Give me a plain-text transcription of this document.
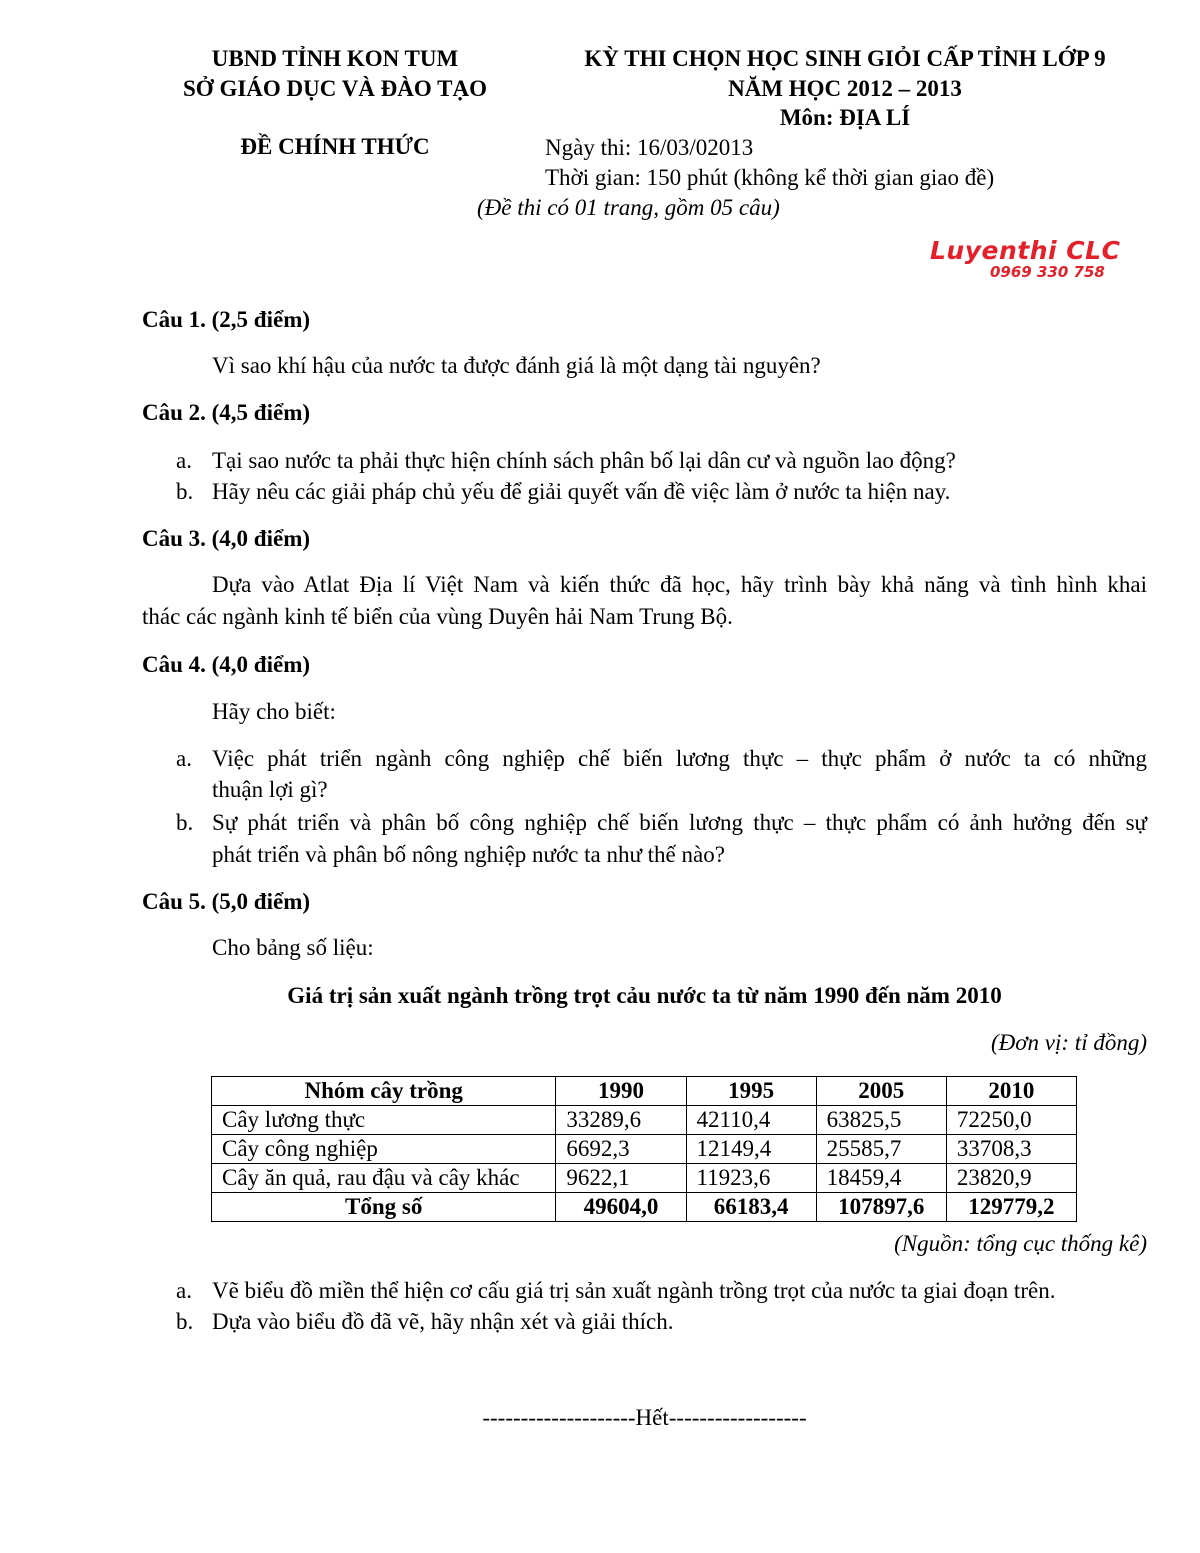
UBND TỈNH KON TUM
SỞ GIÁO DỤC VÀ ĐÀO TẠO
ĐỀ CHÍNH THỨC
KỲ THI CHỌN HỌC SINH GIỎI CẤP TỈNH LỚP 9
NĂM HỌC 2012 – 2013
Môn: ĐỊA LÍ
Ngày thi: 16/03/02013
Thời gian: 150 phút (không kể thời gian giao đề)
(Đề thi có 01 trang, gồm 05 câu)
Luyenthi CLC
0969 330 758
Câu 1. (2,5 điểm)
Vì sao khí hậu của nước ta được đánh giá là một dạng tài nguyên?
Câu 2. (4,5 điểm)
a. Tại sao nước ta phải thực hiện chính sách phân bố lại dân cư và nguồn lao động?
b. Hãy nêu các giải pháp chủ yếu để giải quyết vấn đề việc làm ở nước ta hiện nay.
Câu 3. (4,0 điểm)
Dựa vào Atlat Địa lí Việt Nam và kiến thức đã học, hãy trình bày khả năng và tình hình khai
thác các ngành kinh tế biển của vùng Duyên hải Nam Trung Bộ.
Câu 4. (4,0 điểm)
Hãy cho biết:
a. Việc phát triển ngành công nghiệp chế biến lương thực – thực phẩm ở nước ta có những
thuận lợi gì?
b. Sự phát triển và phân bố công nghiệp chế biến lương thực – thực phẩm có ảnh hưởng đến sự
phát triển và phân bố nông nghiệp nước ta như thế nào?
Câu 5. (5,0 điểm)
Cho bảng số liệu:
Giá trị sản xuất ngành trồng trọt cảu nước ta từ năm 1990 đến năm 2010
(Đơn vị: tỉ đồng)
Nhóm cây trồng	1990	1995	2005	2010
Cây lương thực	33289,6	42110,4	63825,5	72250,0
Cây công nghiệp	6692,3	12149,4	25585,7	33708,3
Cây ăn quả, rau đậu và cây khác	9622,1	11923,6	18459,4	23820,9
Tổng số	49604,0	66183,4	107897,6	129779,2
(Nguồn: tổng cục thống kê)
a. Vẽ biểu đồ miền thể hiện cơ cấu giá trị sản xuất ngành trồng trọt của nước ta giai đoạn trên.
b. Dựa vào biểu đồ đã vẽ, hãy nhận xét và giải thích.
--------------------Hết------------------
